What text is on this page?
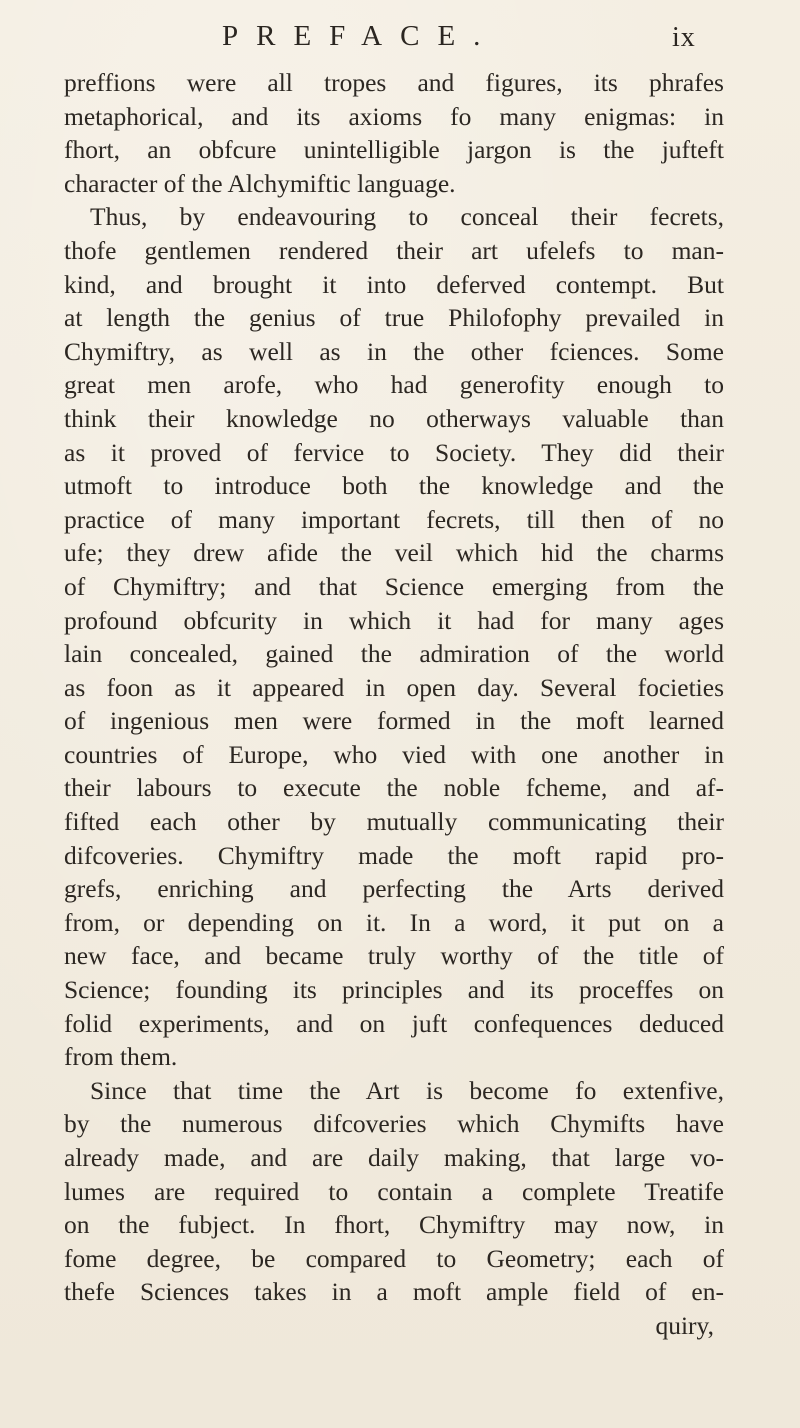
PREFACE.	ix
preffions were all tropes and figures, its phrafes
metaphorical, and its axioms fo many enigmas: in
fhort, an obfcure unintelligible jargon is the jufteft
character of the Alchymiftic language.
Thus, by endeavouring to conceal their fecrets,
thofe gentlemen rendered their art ufelefs to man-
kind, and brought it into deferved contempt. But
at length the genius of true Philofophy prevailed in
Chymiftry, as well as in the other fciences. Some
great men arofe, who had generofity enough to
think their knowledge no otherways valuable than
as it proved of fervice to Society. They did their
utmoft to introduce both the knowledge and the
practice of many important fecrets, till then of no
ufe; they drew afide the veil which hid the charms
of Chymiftry; and that Science emerging from the
profound obfcurity in which it had for many ages
lain concealed, gained the admiration of the world
as foon as it appeared in open day. Several focieties
of ingenious men were formed in the moft learned
countries of Europe, who vied with one another in
their labours to execute the noble fcheme, and af-
fifted each other by mutually communicating their
difcoveries. Chymiftry made the moft rapid pro-
grefs, enriching and perfecting the Arts derived
from, or depending on it. In a word, it put on a
new face, and became truly worthy of the title of
Science; founding its principles and its proceffes on
folid experiments, and on juft confequences deduced
from them.
Since that time the Art is become fo extenfive,
by the numerous difcoveries which Chymifts have
already made, and are daily making, that large vo-
lumes are required to contain a complete Treatife
on the fubject. In fhort, Chymiftry may now, in
fome degree, be compared to Geometry; each of
thefe Sciences takes in a moft ample field of en-
quiry,
